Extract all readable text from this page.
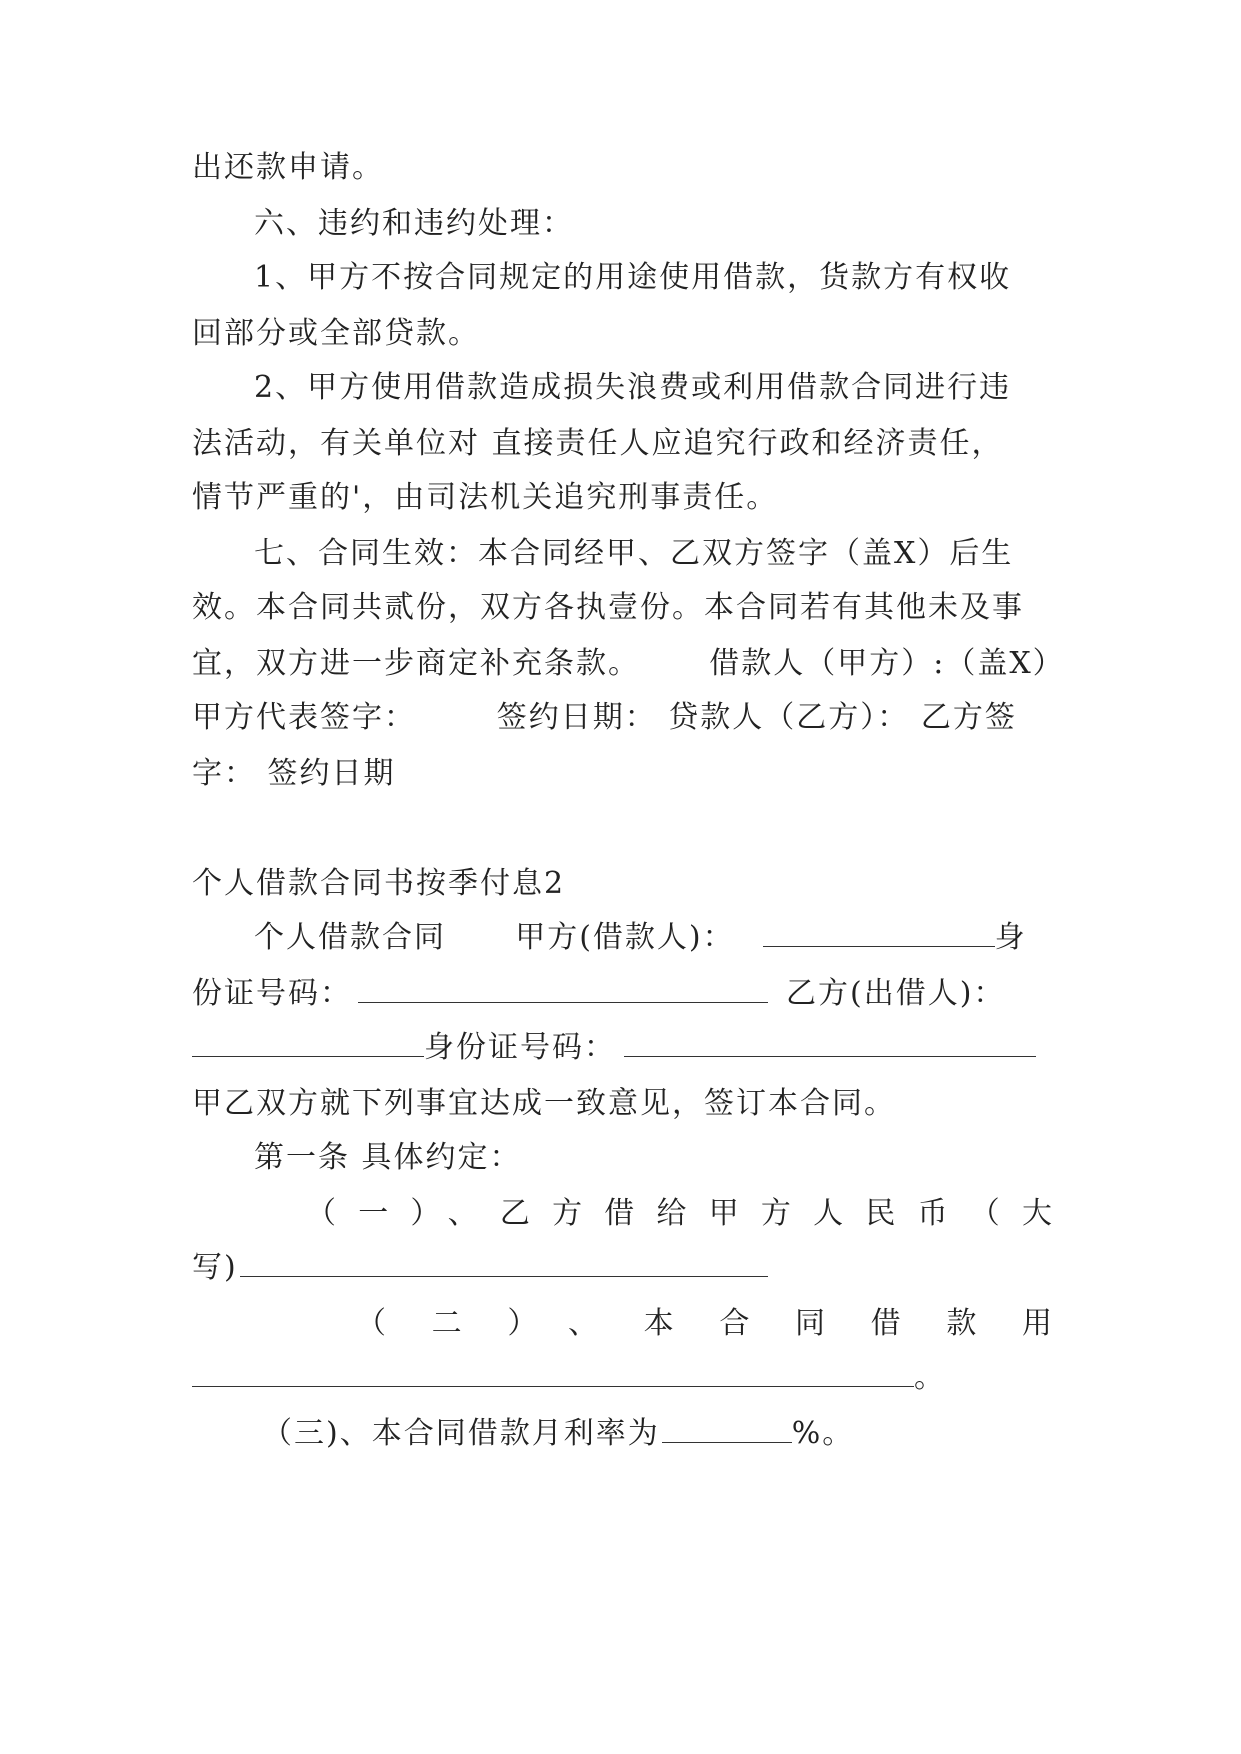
出还款申请。
六、违约和违约处理：
1、甲方不按合同规定的用途使用借款，货款方有权收
回部分或全部贷款。
2、甲方使用借款造成损失浪费或利用借款合同进行违
法活动，有关单位对 直接责任人应追究行政和经济责任，
情节严重的'，由司法机关追究刑事责任。
七、合同生效：本合同经甲、乙双方签字（盖X）后生
效。本合同共贰份，双方各执壹份。本合同若有其他未及事
宜，双方进一步商定补充条款。      借款人（甲方）:（盖X）
甲方代表签字：       签约日期： 贷款人（乙方）： 乙方签
字： 签约日期
个人借款合同书按季付息2
个人借款合同      甲方(借款人)：	身
份证号码：	乙方(出借人)：
身份证号码：
甲乙双方就下列事宜达成一致意见，签订本合同。
第一条 具体约定：
（一）、乙方借给甲方人民币（大
写)
（二）、本合同借款用
。
（三)、本合同借款月利率为	%。
